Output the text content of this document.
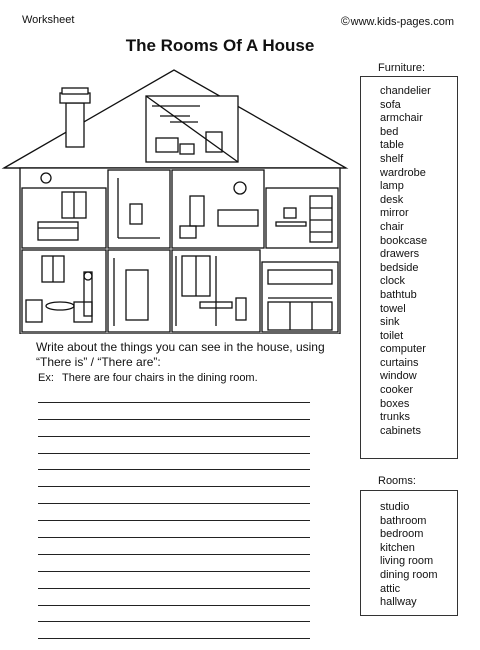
Worksheet	©www.kids-pages.com
The Rooms Of A House
Write about the things you can see in the house, using
“There is” / “There are”:
Ex: There are four chairs in the dining room.
Furniture:
chandelier
sofa
armchair
bed
table
shelf
wardrobe
lamp
desk
mirror
chair
bookcase
drawers
bedside
clock
bathtub
towel
sink
toilet
computer
curtains
window
cooker
boxes
trunks
cabinets
Rooms:
studio
bathroom
bedroom
kitchen
living room
dining room
attic
hallway
